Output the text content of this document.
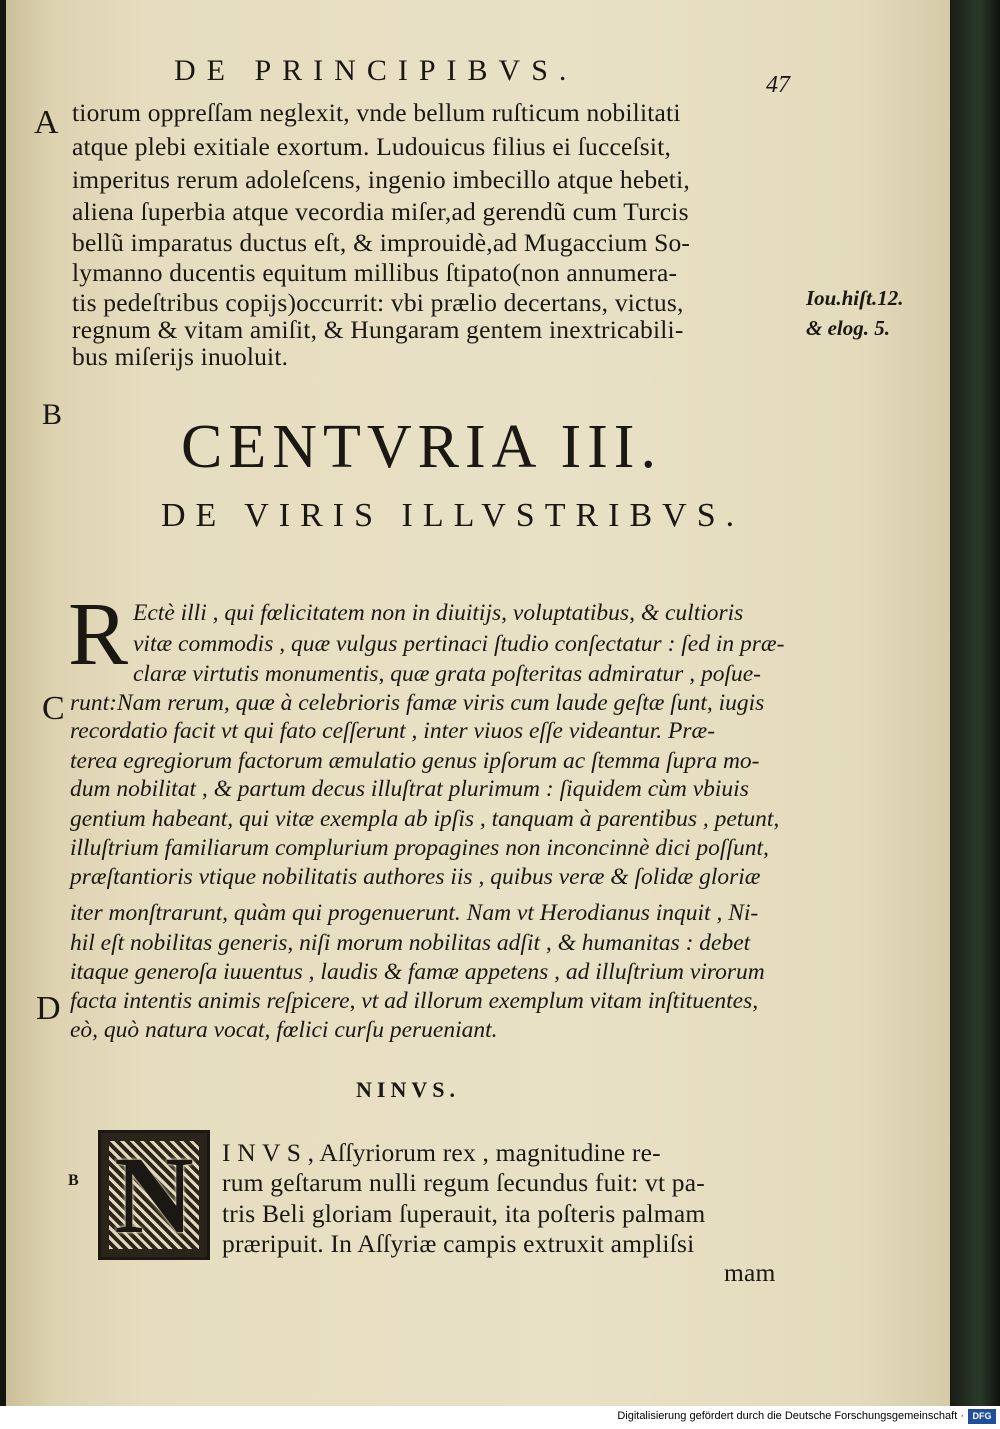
DE PRINCIPIBVS.	47
A tiorum oppreſſam neglexit, vnde bellum ruſticum nobilitati
atque plebi exitiale exortum. Ludouicus filius ei ſucceſsit,
imperitus rerum adoleſcens, ingenio imbecillo atque hebeti,
aliena ſuperbia atque vecordia miſer,ad gerendũ cum Turcis
bellũ imparatus ductus eſt, & improuidè,ad Mugaccium So-
lymanno ducentis equitum millibus ſtipato(non annumera-
tis pedeſtribus copijs)occurrit: vbi prælio decertans, victus,
regnum & vitam amiſit, & Hungaram gentem inextricabili-
bus miſerijs inuoluit.
Iou.hiſt.12.
& elog. 5.
B CENTVRIA III.
DE VIRIS ILLVSTRIBVS.
R
C
Ectè illi , qui fœlicitatem non in diuitijs, voluptatibus, & cultioris
vitæ commodis , quæ vulgus pertinaci ſtudio conſectatur : ſed in præ-
claræ virtutis monumentis, quæ grata poſteritas admiratur , poſue-
runt:Nam rerum, quæ à celebrioris famæ viris cum laude geſtæ ſunt, iugis
recordatio facit vt qui fato ceſſerunt , inter viuos eſſe videantur. Præ-
terea egregiorum factorum æmulatio genus ipſorum ac ſtemma ſupra mo-
dum nobilitat , & partum decus illuſtrat plurimum : ſiquidem cùm vbiuis
gentium habeant, qui vitæ exempla ab ipſis , tanquam à parentibus , petunt,
illuſtrium familiarum complurium propagines non inconcinnè dici poſſunt,
præſtantioris vtique nobilitatis authores iis , quibus veræ & ſolidæ gloriæ
iter monſtrarunt, quàm qui progenuerunt. Nam vt Herodianus inquit , Ni-
hil eſt nobilitas generis, niſi morum nobilitas adſit , & humanitas : debet
itaque generoſa iuuentus , laudis & famæ appetens , ad illuſtrium virorum
facta intentis animis reſpicere, vt ad illorum exemplum vitam inſtituentes,
eò, quò natura vocat, fœlici curſu perueniant.
D
NINVS.
B N	I N V S , Aſſyriorum rex , magnitudine re-
rum geſtarum nulli regum ſecundus fuit: vt pa-
tris Beli gloriam ſuperauit, ita poſteris palmam
præripuit. In Aſſyriæ campis extruxit ampliſsi
mam
Digitalisierung gefördert durch die Deutsche Forschungsgemeinschaft · DFG
